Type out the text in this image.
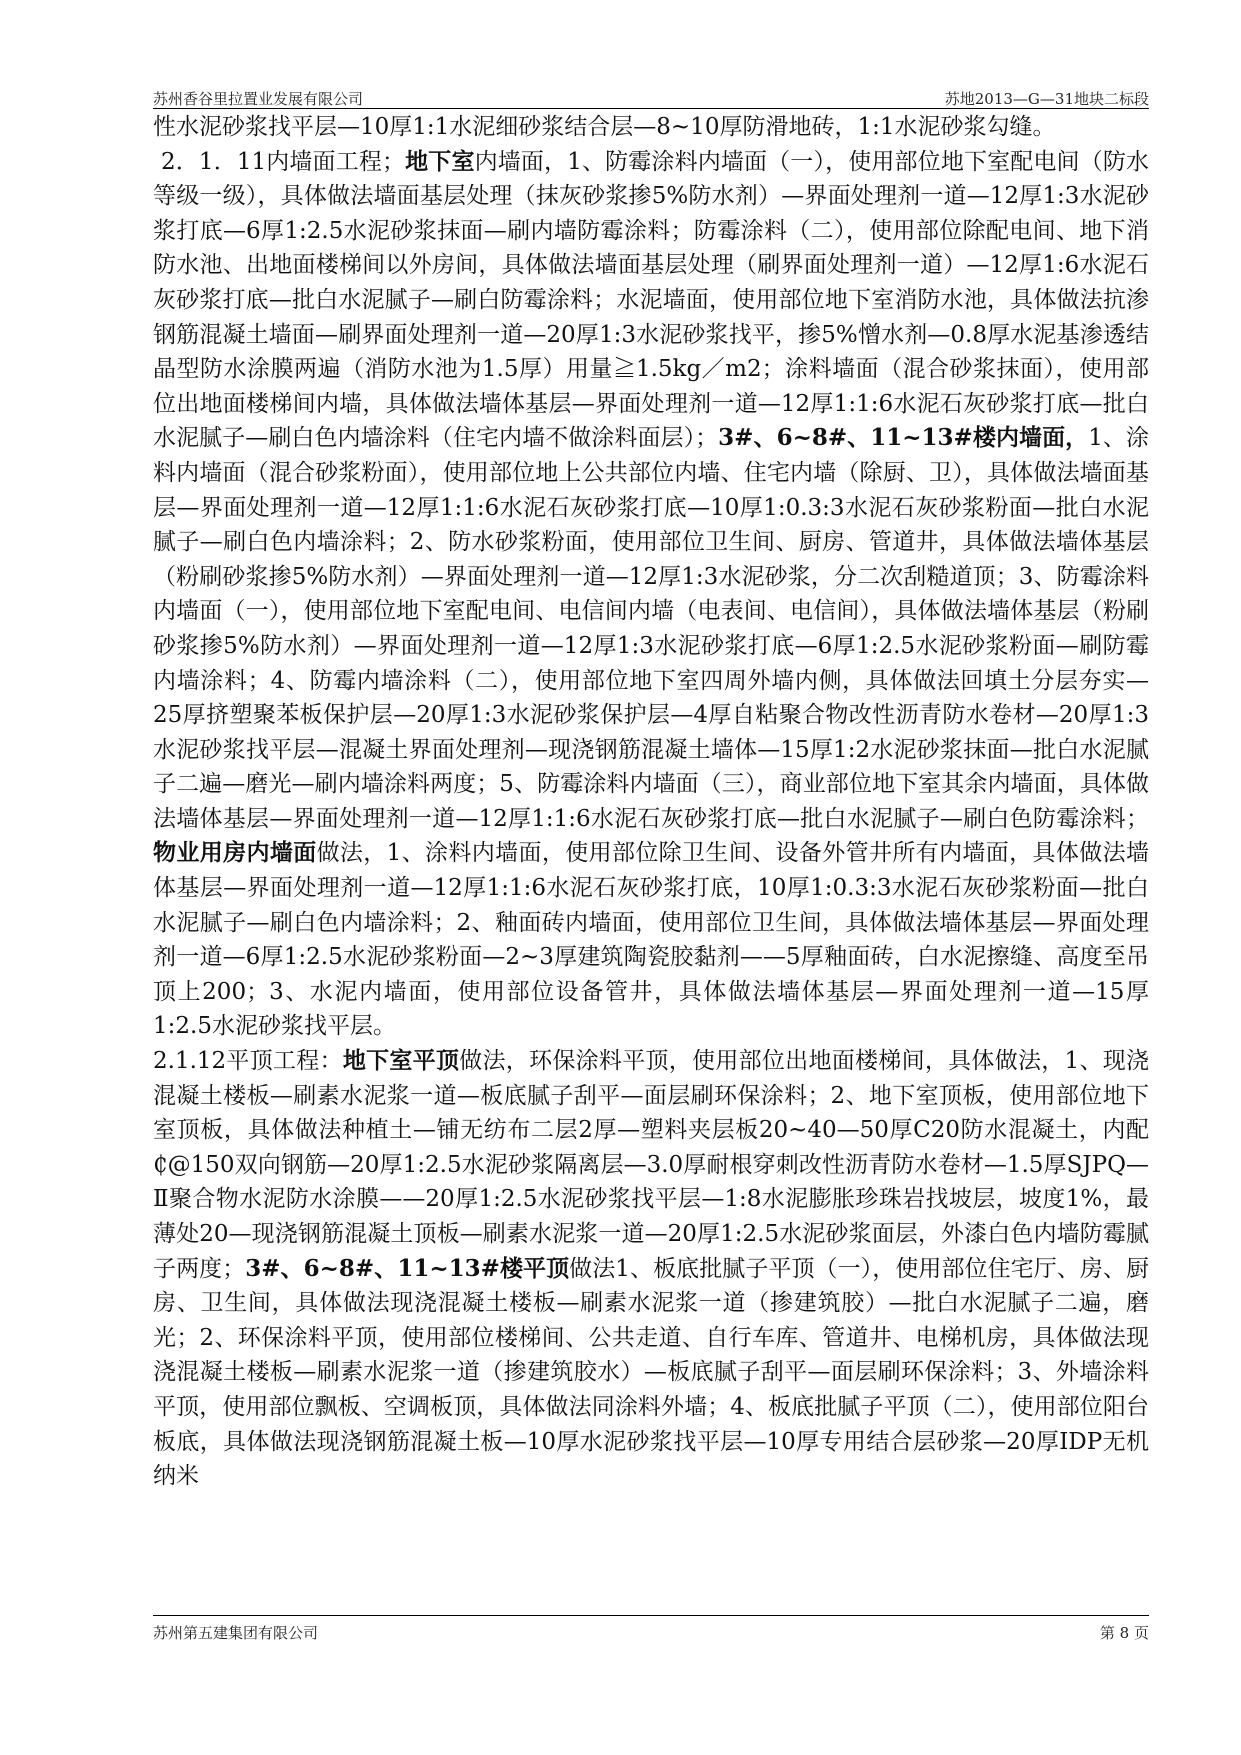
苏州香谷里拉置业发展有限公司	苏地2013—G—31地块二标段

性水泥砂浆找平层—10厚1:1水泥细砂浆结合层—8~10厚防滑地砖，1:1水泥砂浆勾缝。

2．1．11内墙面工程；地下室内墙面，1、防霉涂料内墙面（一），使用部位地下室配电间（防水等级一级），具体做法墙面基层处理（抹灰砂浆掺5%防水剂）—界面处理剂一道—12厚1:3水泥砂浆打底—6厚1:2.5水泥砂浆抹面—刷内墙防霉涂料；防霉涂料（二），使用部位除配电间、地下消防水池、出地面楼梯间以外房间，具体做法墙面基层处理（刷界面处理剂一道）—12厚1:6水泥石灰砂浆打底—批白水泥腻子—刷白防霉涂料；水泥墙面，使用部位地下室消防水池，具体做法抗渗钢筋混凝土墙面—刷界面处理剂一道—20厚1:3水泥砂浆找平，掺5%憎水剂—0.8厚水泥基渗透结晶型防水涂膜两遍（消防水池为1.5厚）用量≧1.5kg／m2；涂料墙面（混合砂浆抹面），使用部位出地面楼梯间内墙，具体做法墙体基层—界面处理剂一道—12厚1:1:6水泥石灰砂浆打底—批白水泥腻子—刷白色内墙涂料（住宅内墙不做涂料面层）；3#、6~8#、11~13#楼内墙面，1、涂料内墙面（混合砂浆粉面），使用部位地上公共部位内墙、住宅内墙（除厨、卫），具体做法墙面基层—界面处理剂一道—12厚1:1:6水泥石灰砂浆打底—10厚1:0.3:3水泥石灰砂浆粉面—批白水泥腻子—刷白色内墙涂料；2、防水砂浆粉面，使用部位卫生间、厨房、管道井，具体做法墙体基层（粉刷砂浆掺5%防水剂）—界面处理剂一道—12厚1:3水泥砂浆，分二次刮糙道顶；3、防霉涂料内墙面（一），使用部位地下室配电间、电信间内墙（电表间、电信间），具体做法墙体基层（粉刷砂浆掺5%防水剂）—界面处理剂一道—12厚1:3水泥砂浆打底—6厚1:2.5水泥砂浆粉面—刷防霉内墙涂料；4、防霉内墙涂料（二），使用部位地下室四周外墙内侧，具体做法回填土分层夯实—25厚挤塑聚苯板保护层—20厚1:3水泥砂浆保护层—4厚自粘聚合物改性沥青防水卷材—20厚1:3水泥砂浆找平层—混凝土界面处理剂—现浇钢筋混凝土墙体—15厚1:2水泥砂浆抹面—批白水泥腻子二遍—磨光—刷内墙涂料两度；5、防霉涂料内墙面（三），商业部位地下室其余内墙面，具体做法墙体基层—界面处理剂一道—12厚1:1:6水泥石灰砂浆打底—批白水泥腻子—刷白色防霉涂料；物业用房内墙面做法，1、涂料内墙面，使用部位除卫生间、设备外管井所有内墙面，具体做法墙体基层—界面处理剂一道—12厚1:1:6水泥石灰砂浆打底，10厚1:0.3:3水泥石灰砂浆粉面—批白水泥腻子—刷白色内墙涂料；2、釉面砖内墙面，使用部位卫生间，具体做法墙体基层—界面处理剂一道—6厚1:2.5水泥砂浆粉面—2~3厚建筑陶瓷胶黏剂——5厚釉面砖，白水泥擦缝、高度至吊顶上200；3、水泥内墙面，使用部位设备管井，具体做法墙体基层—界面处理剂一道—15厚1:2.5水泥砂浆找平层。

2.1.12平顶工程：地下室平顶做法，环保涂料平顶，使用部位出地面楼梯间，具体做法，1、现浇混凝土楼板—刷素水泥浆一道—板底腻子刮平—面层刷环保涂料；2、地下室顶板，使用部位地下室顶板，具体做法种植土—铺无纺布二层2厚—塑料夹层板20~40—50厚C20防水混凝土，内配₵@150双向钢筋—20厚1:2.5水泥砂浆隔离层—3.0厚耐根穿刺改性沥青防水卷材—1.5厚SJPQ—Ⅱ聚合物水泥防水涂膜——20厚1:2.5水泥砂浆找平层—1:8水泥膨胀珍珠岩找坡层，坡度1%，最薄处20—现浇钢筋混凝土顶板—刷素水泥浆一道—20厚1:2.5水泥砂浆面层，外漆白色内墙防霉腻子两度；3#、6~8#、11~13#楼平顶做法1、板底批腻子平顶（一），使用部位住宅厅、房、厨房、卫生间，具体做法现浇混凝土楼板—刷素水泥浆一道（掺建筑胶）—批白水泥腻子二遍，磨光；2、环保涂料平顶，使用部位楼梯间、公共走道、自行车库、管道井、电梯机房，具体做法现浇混凝土楼板—刷素水泥浆一道（掺建筑胶水）—板底腻子刮平—面层刷环保涂料；3、外墙涂料平顶，使用部位飘板、空调板顶，具体做法同涂料外墙；4、板底批腻子平顶（二），使用部位阳台板底，具体做法现浇钢筋混凝土板—10厚水泥砂浆找平层—10厚专用结合层砂浆—20厚IDP无机纳米

苏州第五建集团有限公司	第 8 页
